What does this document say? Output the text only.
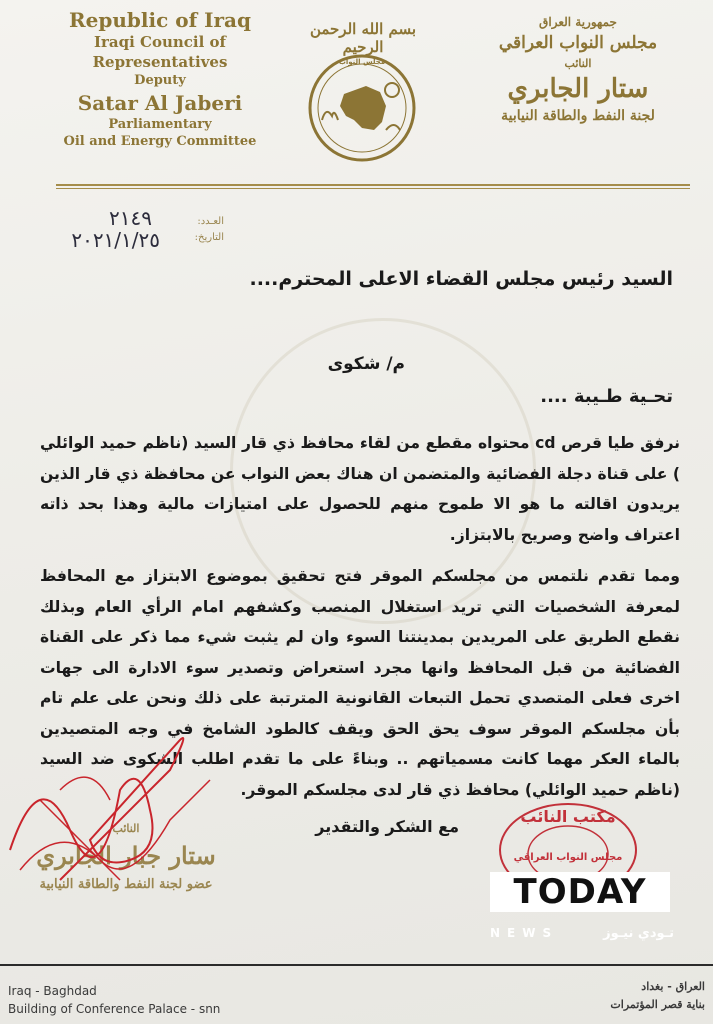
Republic of Iraq
Iraqi Council of Representatives
Deputy
Satar Al Jaberi
Parliamentary
Oil and Energy Committee
بسم الله الرحمن الرحيم
مجلس النواب
جمهورية العراق
مجلس النواب العراقي
النائب
ستار الجابري
لجنة النفط والطاقة النيابية
العـدد:
٢١٤٩
التاريخ:
٢٠٢١/١/٢٥
السيد رئيس مجلس القضاء الاعلى المحترم....
م/ شكوى
تحـية طـيبة ....
نرفق طيا قرص cd محتواه مقطع من لقاء محافظ ذي قار السيد (ناظم حميد الوائلي ) على قناة دجلة الفضائية والمتضمن ان هناك بعض النواب عن محافظة ذي قار الذين يريدون اقالته ما هو الا طموح منهم للحصول على امتيازات مالية وهذا بحد ذاته اعتراف واضح وصريح بالابتزاز.
ومما تقدم نلتمس من مجلسكم الموقر فتح تحقيق بموضوع الابتزاز مع المحافظ لمعرفة الشخصيات التي تريد استغلال المنصب وكشفهم امام الرأي العام وبذلك نقطع الطريق على المريدين بمدينتنا السوء وان لم يثبت شيء مما ذكر على القناة الفضائية من قبل المحافظ وانها مجرد استعراض وتصدير سوء الادارة الى جهات اخرى فعلى المتصدي تحمل التبعات القانونية المترتبة على ذلك ونحن على علم تام بأن مجلسكم الموقر سوف يحق الحق ويقف كالطود الشامخ في وجه المتصيدين بالماء العكر مهما كانت مسمياتهم .. وبناءً على ما تقدم اطلب الشكوى ضد السيد (ناظم حميد الوائلي) محافظ ذي قار لدى مجلسكم الموقر.
مع الشكر والتقدير
النائب
ستار جبار الجابري
عضو لجنة النفط والطاقة النيابية
مكتب النائب
مجلس النواب العراقي
TODAY
NEWS	تـودي نيـوز
Iraq - Baghdad
Building of Conference Palace - snn
العراق - بغداد
بناية قصر المؤتمرات
